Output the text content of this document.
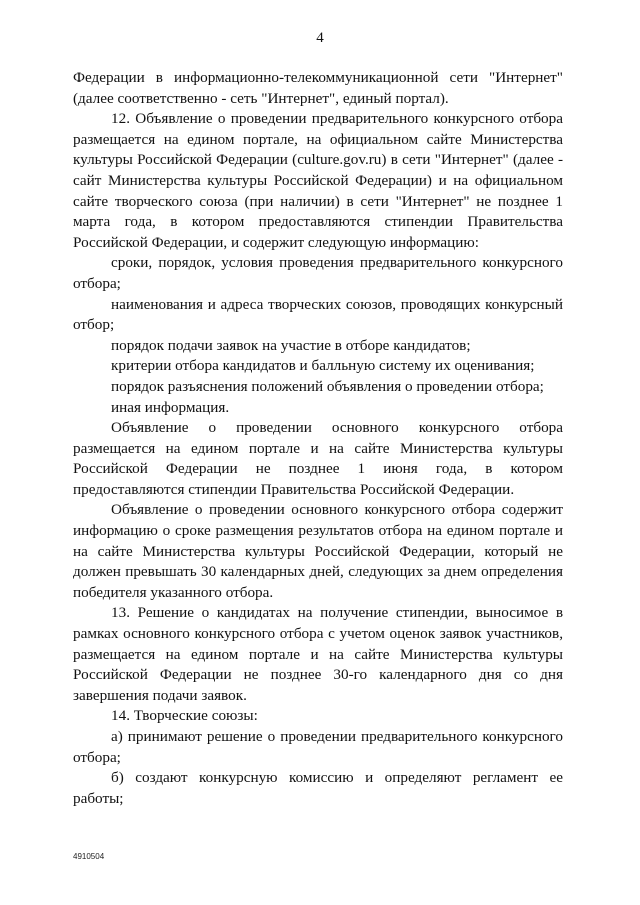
4

Федерации в информационно-телекоммуникационной сети "Интернет" (далее соответственно - сеть "Интернет", единый портал).

12. Объявление о проведении предварительного конкурсного отбора размещается на едином портале, на официальном сайте Министерства культуры Российской Федерации (culture.gov.ru) в сети "Интернет" (далее - сайт Министерства культуры Российской Федерации) и на официальном сайте творческого союза (при наличии) в сети "Интернет" не позднее 1 марта года, в котором предоставляются стипендии Правительства Российской Федерации, и содержит следующую информацию:

сроки, порядок, условия проведения предварительного конкурсного отбора;

наименования и адреса творческих союзов, проводящих конкурсный отбор;

порядок подачи заявок на участие в отборе кандидатов;

критерии отбора кандидатов и балльную систему их оценивания;

порядок разъяснения положений объявления о проведении отбора;

иная информация.

Объявление о проведении основного конкурсного отбора размещается на едином портале и на сайте Министерства культуры Российской Федерации не позднее 1 июня года, в котором предоставляются стипендии Правительства Российской Федерации.

Объявление о проведении основного конкурсного отбора содержит информацию о сроке размещения результатов отбора на едином портале и на сайте Министерства культуры Российской Федерации, который не должен превышать 30 календарных дней, следующих за днем определения победителя указанного отбора.

13. Решение о кандидатах на получение стипендии, выносимое в рамках основного конкурсного отбора с учетом оценок заявок участников, размещается на едином портале и на сайте Министерства культуры Российской Федерации не позднее 30-го календарного дня со дня завершения подачи заявок.

14. Творческие союзы:

а) принимают решение о проведении предварительного конкурсного отбора;

б) создают конкурсную комиссию и определяют регламент ее работы;

4910504
